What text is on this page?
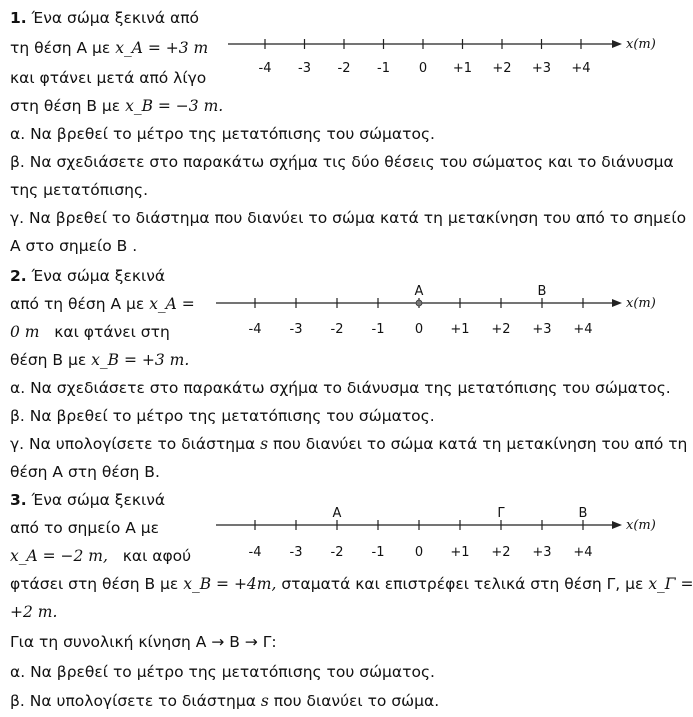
1. Ένα σώμα ξεκινά από
τη θέση Α με x_A = +3 m
και φτάνει μετά από λίγο
στη θέση Β με x_B = −3 m.
x(m)
-4 -3 -2 -1 0 +1 +2 +3 +4
α. Να βρεθεί το μέτρο της μετατόπισης του σώματος.
β. Να σχεδιάσετε στο παρακάτω σχήμα τις δύο θέσεις του σώματος και το διάνυσμα
της μετατόπισης.
γ. Να βρεθεί το διάστημα που διανύει το σώμα κατά τη μετακίνηση του από το σημείο
Α στο σημείο Β .
2. Ένα σώμα ξεκινά
από τη θέση Α με x_A =
0 m και φτάνει στη
θέση Β με x_B = +3 m.
x(m)
-4 -3 -2 -1 0 +1 +2 +3 +4
Α	Β
α. Να σχεδιάσετε στο παρακάτω σχήμα το διάνυσμα της μετατόπισης του σώματος.
β. Να βρεθεί το μέτρο της μετατόπισης του σώματος.
γ. Να υπολογίσετε το διάστημα s που διανύει το σώμα κατά τη μετακίνηση του από τη
θέση Α στη θέση Β.
3. Ένα σώμα ξεκινά
από το σημείο Α με
x_A = −2 m, και αφού
x(m)
-4 -3 -2 -1 0 +1 +2 +3 +4
Α	Γ	Β
φτάσει στη θέση Β με x_B = +4m, σταματά και επιστρέφει τελικά στη θέση Γ, με x_Γ =
+2 m.
Για τη συνολική κίνηση Α → Β → Γ:
α. Να βρεθεί το μέτρο της μετατόπισης του σώματος.
β. Να υπολογίσετε το διάστημα s που διανύει το σώμα.
